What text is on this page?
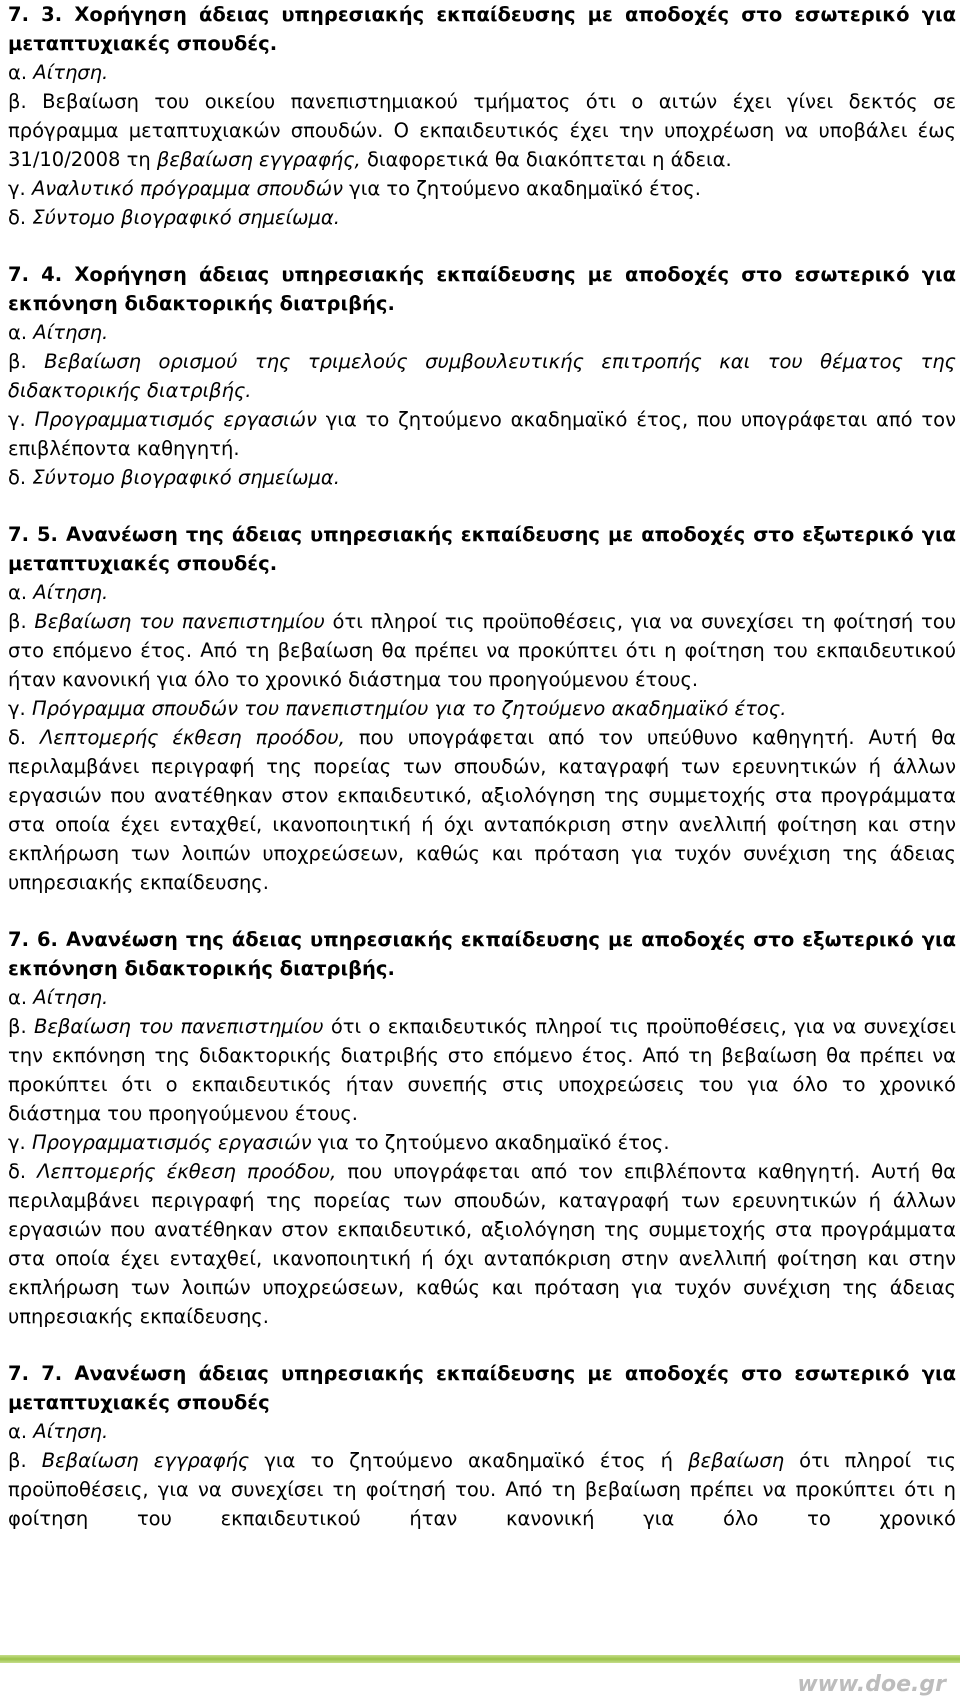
7. 3. Χορήγηση άδειας υπηρεσιακής εκπαίδευσης με αποδοχές στο εσωτερικό για μεταπτυχιακές σπουδές.
α. Αίτηση.
β. Βεβαίωση του οικείου πανεπιστημιακού τμήματος ότι ο αιτών έχει γίνει δεκτός σε πρόγραμμα μεταπτυχιακών σπουδών. Ο εκπαιδευτικός έχει την υποχρέωση να υποβάλει έως 31/10/2008 τη βεβαίωση εγγραφής, διαφορετικά θα διακόπτεται η άδεια.
γ. Αναλυτικό πρόγραμμα σπουδών για το ζητούμενο ακαδημαϊκό έτος.
δ. Σύντομο βιογραφικό σημείωμα.
7. 4. Χορήγηση άδειας υπηρεσιακής εκπαίδευσης με αποδοχές στο εσωτερικό για εκπόνηση διδακτορικής διατριβής.
α. Αίτηση.
β. Βεβαίωση ορισμού της τριμελούς συμβουλευτικής επιτροπής και του θέματος της διδακτορικής διατριβής.
γ. Προγραμματισμός εργασιών για το ζητούμενο ακαδημαϊκό έτος, που υπογράφεται από τον επιβλέποντα καθηγητή.
δ. Σύντομο βιογραφικό σημείωμα.
7. 5. Ανανέωση της άδειας υπηρεσιακής εκπαίδευσης με αποδοχές στο εξωτερικό για μεταπτυχιακές σπουδές.
α. Αίτηση.
β. Βεβαίωση του πανεπιστημίου ότι πληροί τις προϋποθέσεις, για να συνεχίσει τη φοίτησή του στο επόμενο έτος. Από τη βεβαίωση θα πρέπει να προκύπτει ότι η φοίτηση του εκπαιδευτικού ήταν κανονική για όλο το χρονικό διάστημα του προηγούμενου έτους.
γ. Πρόγραμμα σπουδών του πανεπιστημίου για το ζητούμενο ακαδημαϊκό έτος.
δ. Λεπτομερής έκθεση προόδου, που υπογράφεται από τον υπεύθυνο καθηγητή. Αυτή θα περιλαμβάνει περιγραφή της πορείας των σπουδών, καταγραφή των ερευνητικών ή άλλων εργασιών που ανατέθηκαν στον εκπαιδευτικό, αξιολόγηση της συμμετοχής στα προγράμματα στα οποία έχει ενταχθεί, ικανοποιητική ή όχι ανταπόκριση στην ανελλιπή φοίτηση και στην εκπλήρωση των λοιπών υποχρεώσεων, καθώς και πρόταση για τυχόν συνέχιση της άδειας υπηρεσιακής εκπαίδευσης.
7. 6. Ανανέωση της άδειας υπηρεσιακής εκπαίδευσης με αποδοχές στο εξωτερικό για εκπόνηση διδακτορικής διατριβής.
α. Αίτηση.
β. Βεβαίωση του πανεπιστημίου ότι ο εκπαιδευτικός πληροί τις προϋποθέσεις, για να συνεχίσει την εκπόνηση της διδακτορικής διατριβής στο επόμενο έτος. Από τη βεβαίωση θα πρέπει να προκύπτει ότι ο εκπαιδευτικός ήταν συνεπής στις υποχρεώσεις του για όλο το χρονικό διάστημα του προηγούμενου έτους.
γ. Προγραμματισμός εργασιών για το ζητούμενο ακαδημαϊκό έτος.
δ. Λεπτομερής έκθεση προόδου, που υπογράφεται από τον επιβλέποντα καθηγητή. Αυτή θα περιλαμβάνει περιγραφή της πορείας των σπουδών, καταγραφή των ερευνητικών ή άλλων εργασιών που ανατέθηκαν στον εκπαιδευτικό, αξιολόγηση της συμμετοχής στα προγράμματα στα οποία έχει ενταχθεί, ικανοποιητική ή όχι ανταπόκριση στην ανελλιπή φοίτηση και στην εκπλήρωση των λοιπών υποχρεώσεων, καθώς και πρόταση για τυχόν συνέχιση της άδειας υπηρεσιακής εκπαίδευσης.
7. 7. Ανανέωση άδειας υπηρεσιακής εκπαίδευσης με αποδοχές στο εσωτερικό για μεταπτυχιακές σπουδές
α. Αίτηση.
β. Βεβαίωση εγγραφής για το ζητούμενο ακαδημαϊκό έτος ή βεβαίωση ότι πληροί τις προϋποθέσεις, για να συνεχίσει τη φοίτησή του. Από τη βεβαίωση πρέπει να προκύπτει ότι η φοίτηση του εκπαιδευτικού ήταν κανονική για όλο το χρονικό
www.doe.gr
